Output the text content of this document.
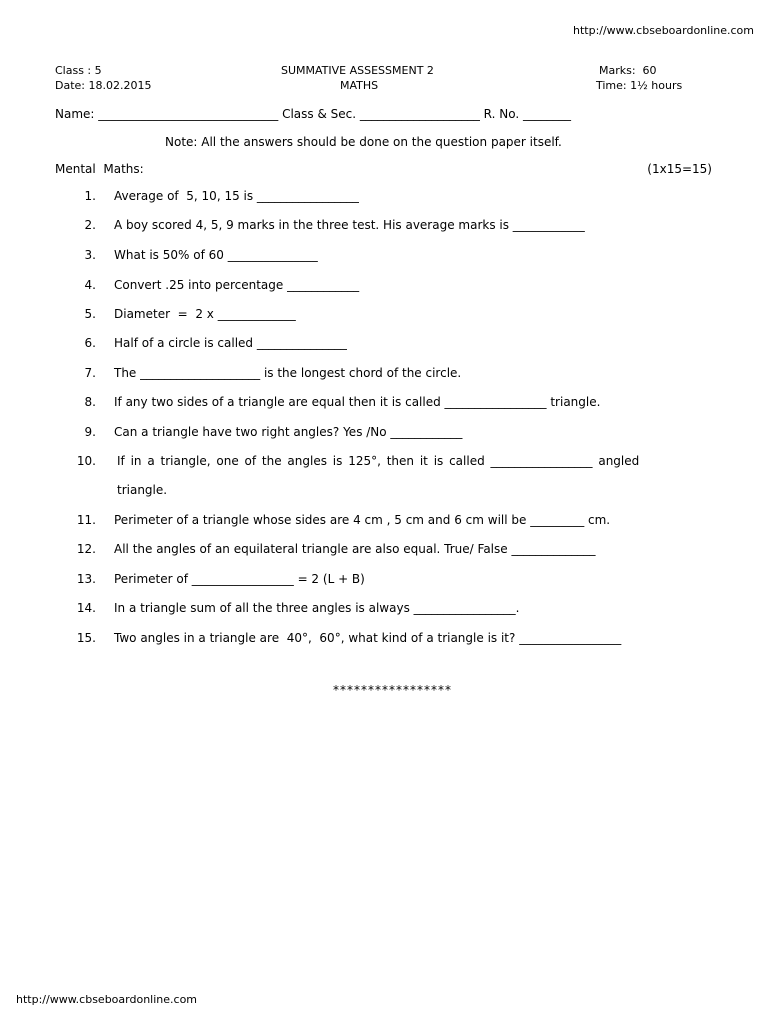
http://www.cbseboardonline.com
Class : 5
Date: 18.02.2015
SUMMATIVE ASSESSMENT 2
MATHS
Marks:  60
Time: 1½ hours
Name: ______________________________ Class & Sec. ____________________ R. No. ________
Note: All the answers should be done on the question paper itself.
Mental  Maths:	(1x15=15)
1. Average of  5, 10, 15 is _________________
2. A boy scored 4, 5, 9 marks in the three test. His average marks is ____________
3. What is 50% of 60 _______________
4. Convert .25 into percentage ____________
5. Diameter  =  2 x _____________
6. Half of a circle is called _______________
7. The ____________________ is the longest chord of the circle.
8. If any two sides of a triangle are equal then it is called _________________ triangle.
9. Can a triangle have two right angles? Yes /No ____________
10. If in a triangle, one of the angles is 125°, then it is called _________________ angled
triangle.
11. Perimeter of a triangle whose sides are 4 cm , 5 cm and 6 cm will be _________ cm.
12. All the angles of an equilateral triangle are also equal. True/ False ______________
13. Perimeter of _________________ = 2 (L + B)
14. In a triangle sum of all the three angles is always _________________.
15. Two angles in a triangle are  40°,  60°, what kind of a triangle is it? _________________
*****************
http://www.cbseboardonline.com
